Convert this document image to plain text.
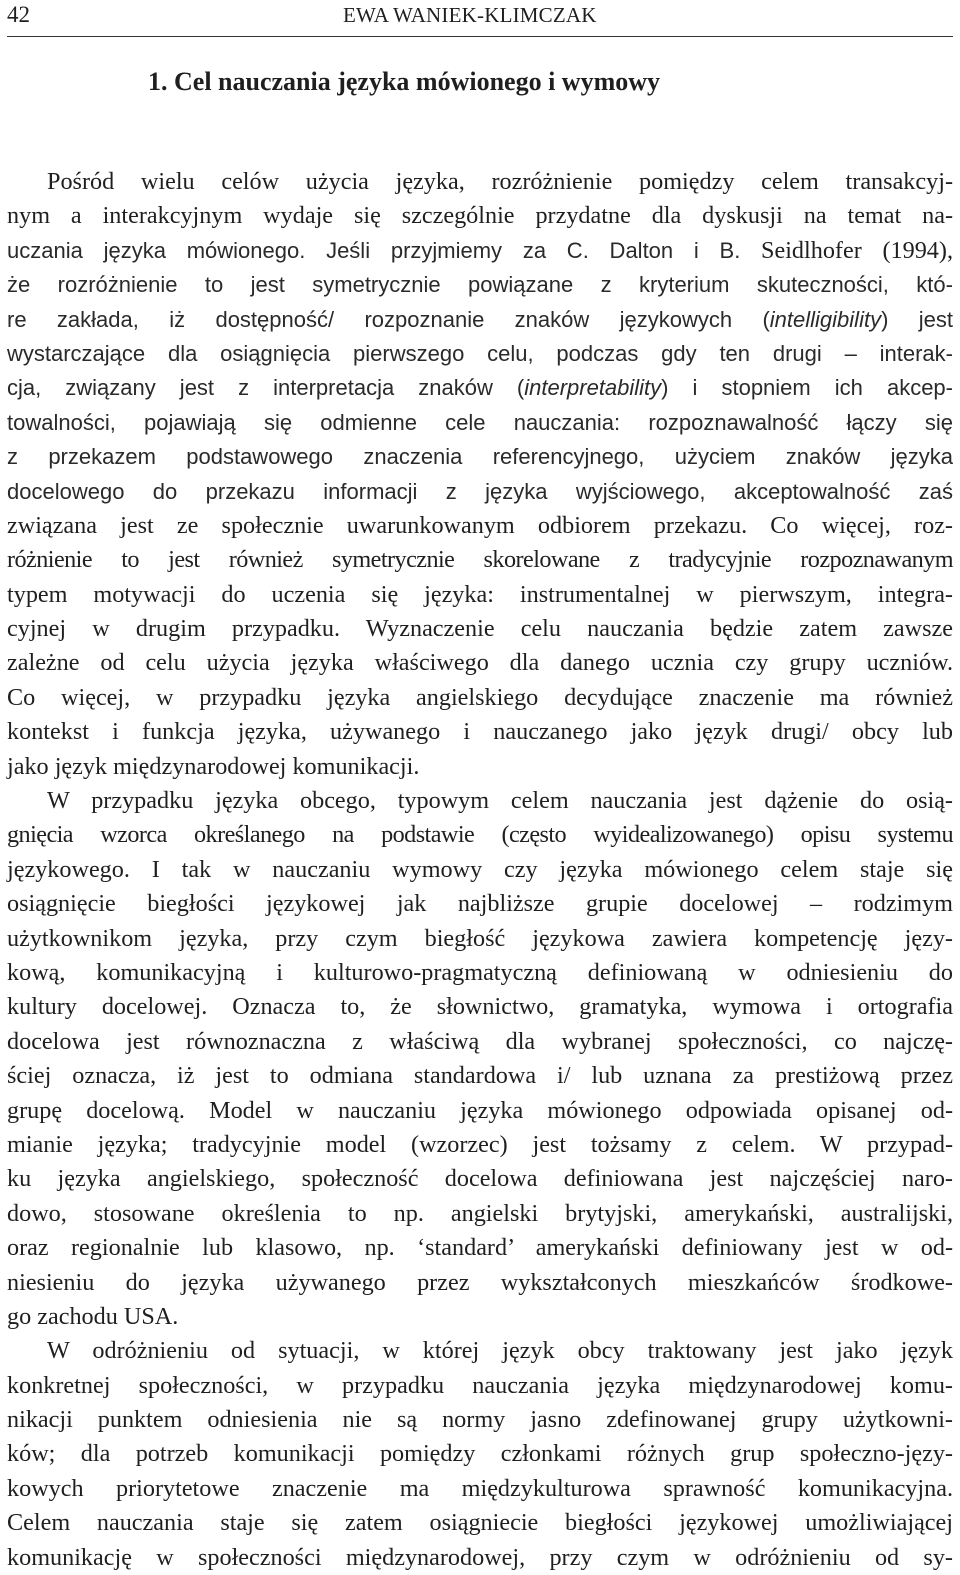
42	EWA WANIEK-KLIMCZAK
1. Cel nauczania języka mówionego i wymowy
Pośród wielu celów użycia języka, rozróżnienie pomiędzy celem transakcyj-
nym a interakcyjnym wydaje się szczególnie przydatne dla dyskusji na temat na-
uczania języka mówionego. Jeśli przyjmiemy za C. Dalton i B. Seidlhofer (1994),
że rozróżnienie to jest symetrycznie powiązane z kryterium skuteczności, któ-
re zakłada, iż dostępność/ rozpoznanie znaków językowych (intelligibility) jest
wystarczające dla osiągnięcia pierwszego celu, podczas gdy ten drugi – interak-
cja, związany jest z interpretacja znaków (interpretability) i stopniem ich akcep-
towalności, pojawiają się odmienne cele nauczania: rozpoznawalność łączy się
z przekazem podstawowego znaczenia referencyjnego, użyciem znaków języka
docelowego do przekazu informacji z języka wyjściowego, akceptowalność zaś
związana jest ze społecznie uwarunkowanym odbiorem przekazu. Co więcej, roz-
różnienie to jest również symetrycznie skorelowane z tradycyjnie rozpoznawanym
typem motywacji do uczenia się języka: instrumentalnej w pierwszym, integra-
cyjnej w drugim przypadku. Wyznaczenie celu nauczania będzie zatem zawsze
zależne od celu użycia języka właściwego dla danego ucznia czy grupy uczniów.
Co więcej, w przypadku języka angielskiego decydujące znaczenie ma również
kontekst i funkcja języka, używanego i nauczanego jako język drugi/ obcy lub
jako język międzynarodowej komunikacji.
W przypadku języka obcego, typowym celem nauczania jest dążenie do osią-
gnięcia wzorca określanego na podstawie (często wyidealizowanego) opisu systemu
językowego. I tak w nauczaniu wymowy czy języka mówionego celem staje się
osiągnięcie biegłości językowej jak najbliższe grupie docelowej – rodzimym
użytkownikom języka, przy czym biegłość językowa zawiera kompetencję języ-
kową, komunikacyjną i kulturowo-pragmatyczną definiowaną w odniesieniu do
kultury docelowej. Oznacza to, że słownictwo, gramatyka, wymowa i ortografia
docelowa jest równoznaczna z właściwą dla wybranej społeczności, co najczę-
ściej oznacza, iż jest to odmiana standardowa i/ lub uznana za prestiżową przez
grupę docelową. Model w nauczaniu języka mówionego odpowiada opisanej od-
mianie języka; tradycyjnie model (wzorzec) jest tożsamy z celem. W przypad-
ku języka angielskiego, społeczność docelowa definiowana jest najczęściej naro-
dowo, stosowane określenia to np. angielski brytyjski, amerykański, australijski,
oraz regionalnie lub klasowo, np. ‘standard’ amerykański definiowany jest w od-
niesieniu do języka używanego przez wykształconych mieszkańców środkowe-
go zachodu USA.
W odróżnieniu od sytuacji, w której język obcy traktowany jest jako język
konkretnej społeczności, w przypadku nauczania języka międzynarodowej komu-
nikacji punktem odniesienia nie są normy jasno zdefinowanej grupy użytkowni-
ków; dla potrzeb komunikacji pomiędzy członkami różnych grup społeczno-języ-
kowych priorytetowe znaczenie ma międzykulturowa sprawność komunikacyjna.
Celem nauczania staje się zatem osiągniecie biegłości językowej umożliwiającej
komunikację w społeczności międzynarodowej, przy czym w odróżnieniu od sy-
